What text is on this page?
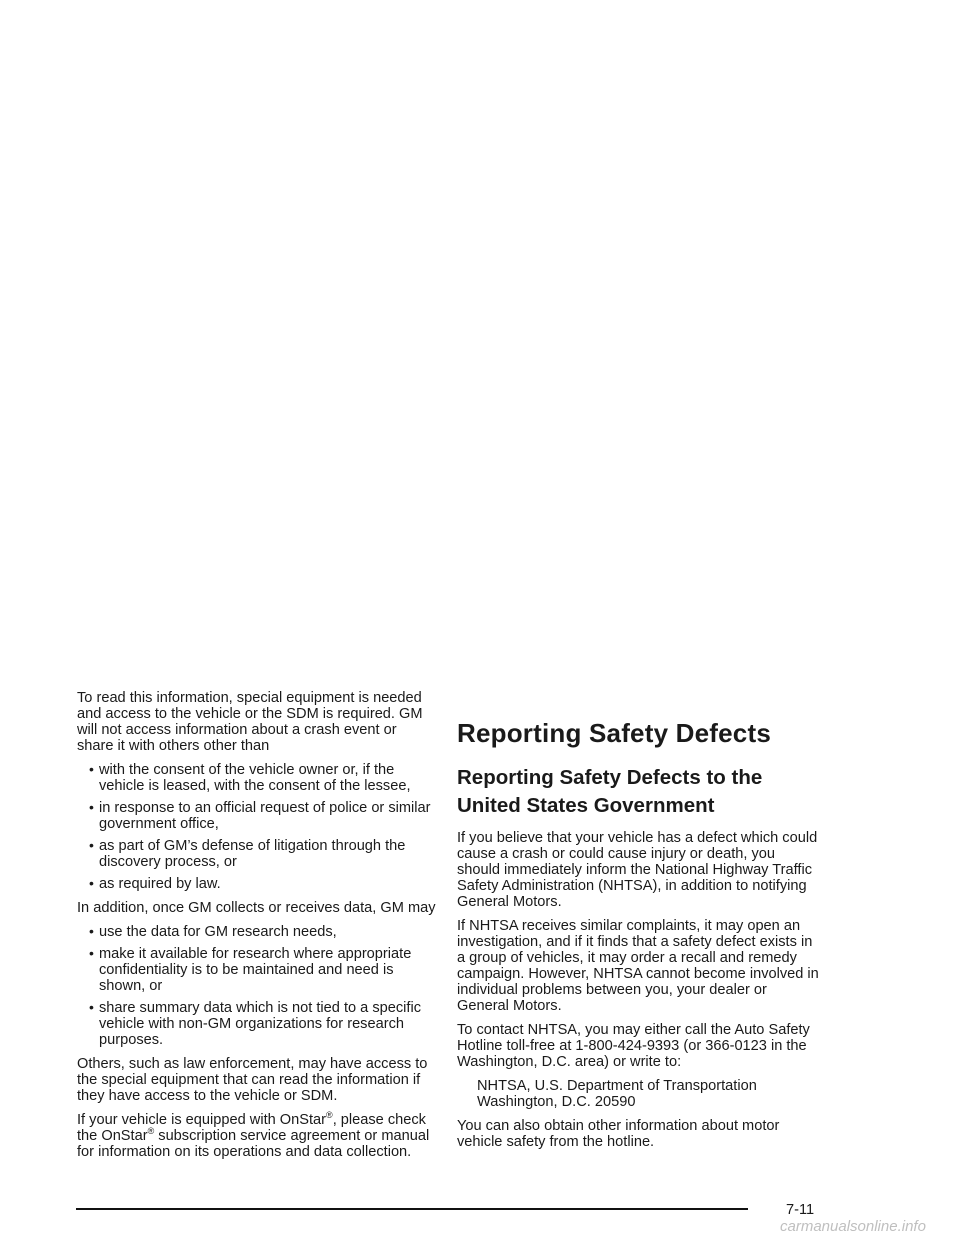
To read this information, special equipment is needed and access to the vehicle or the SDM is required. GM will not access information about a crash event or share it with others other than

• with the consent of the vehicle owner or, if the vehicle is leased, with the consent of the lessee,
• in response to an official request of police or similar government office,
• as part of GM’s defense of litigation through the discovery process, or
• as required by law.

In addition, once GM collects or receives data, GM may

• use the data for GM research needs,
• make it available for research where appropriate confidentiality is to be maintained and need is shown, or
• share summary data which is not tied to a specific vehicle with non-GM organizations for research purposes.

Others, such as law enforcement, may have access to the special equipment that can read the information if they have access to the vehicle or SDM.

If your vehicle is equipped with OnStar®, please check the OnStar® subscription service agreement or manual for information on its operations and data collection.

Reporting Safety Defects
Reporting Safety Defects to the United States Government

If you believe that your vehicle has a defect which could cause a crash or could cause injury or death, you should immediately inform the National Highway Traffic Safety Administration (NHTSA), in addition to notifying General Motors.

If NHTSA receives similar complaints, it may open an investigation, and if it finds that a safety defect exists in a group of vehicles, it may order a recall and remedy campaign. However, NHTSA cannot become involved in individual problems between you, your dealer or General Motors.

To contact NHTSA, you may either call the Auto Safety Hotline toll-free at 1-800-424-9393 (or 366-0123 in the Washington, D.C. area) or write to:

NHTSA, U.S. Department of Transportation
Washington, D.C. 20590

You can also obtain other information about motor vehicle safety from the hotline.

7-11
carmanualsonline.info
